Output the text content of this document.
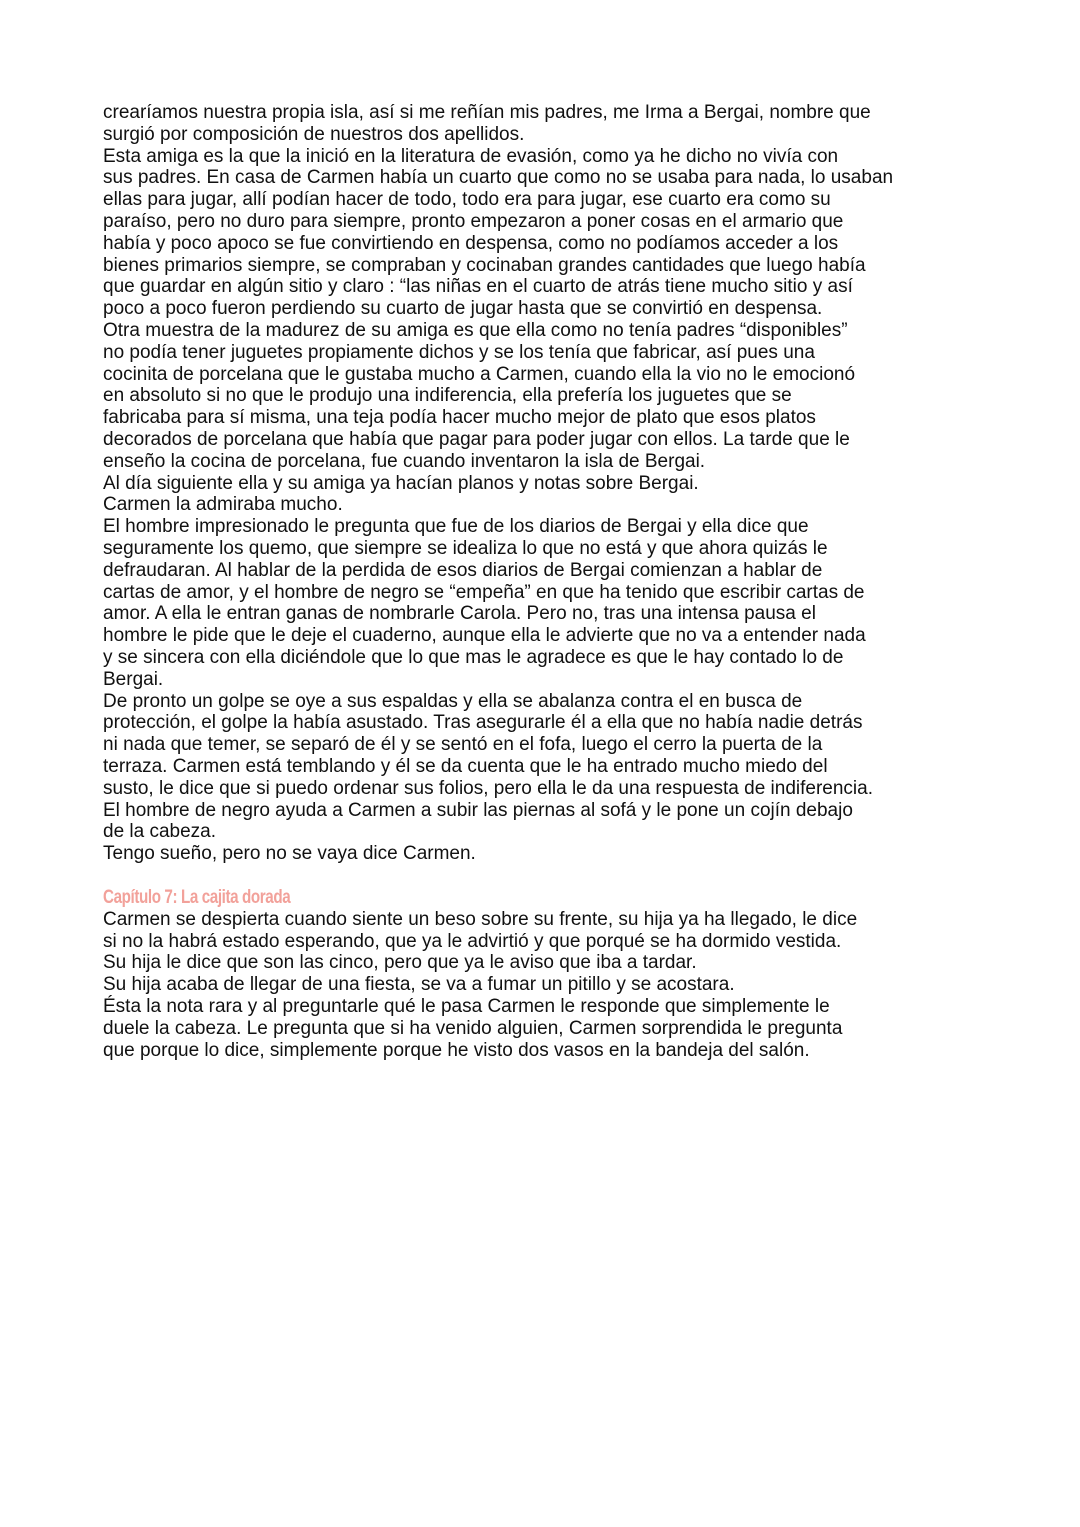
crearíamos nuestra propia isla, así si me reñían mis padres, me Irma a Bergai, nombre que
surgió por composición de nuestros dos apellidos.
Esta amiga es la que la inició en la literatura de evasión, como ya he dicho no vivía con
sus padres. En casa de Carmen había un cuarto que como no se usaba para nada, lo usaban
ellas para jugar, allí podían hacer de todo, todo era para jugar, ese cuarto era como su
paraíso, pero no duro para siempre, pronto empezaron a poner cosas en el armario que
había y poco apoco se fue convirtiendo en despensa, como no podíamos acceder a los
bienes primarios siempre, se compraban y cocinaban grandes cantidades que luego había
que guardar en algún sitio y claro : “las niñas en el cuarto de atrás tiene mucho sitio y así
poco a poco fueron perdiendo su cuarto de jugar hasta que se convirtió en despensa.
Otra muestra de la madurez de su amiga es que ella como no tenía padres “disponibles”
no podía tener juguetes propiamente dichos y se los tenía que fabricar, así pues una
cocinita de porcelana que le gustaba mucho a Carmen, cuando ella la vio no le emocionó
en absoluto si no que le produjo una indiferencia, ella prefería los juguetes que se
fabricaba para sí misma, una teja podía hacer mucho mejor de plato que esos platos
decorados de porcelana que había que pagar para poder jugar con ellos. La tarde que le
enseño la cocina de porcelana, fue cuando inventaron la isla de Bergai.
Al día siguiente ella y su amiga ya hacían planos y notas sobre Bergai.
Carmen la admiraba mucho.
El hombre impresionado le pregunta que fue de los diarios de Bergai y ella dice que
seguramente los quemo, que siempre se idealiza lo que no está y que ahora quizás le
defraudaran. Al hablar de la perdida de esos diarios de Bergai comienzan a hablar de
cartas de amor, y el hombre de negro se “empeña” en que ha tenido que escribir cartas de
amor. A ella le entran ganas de nombrarle Carola. Pero no, tras una intensa pausa el
hombre le pide que le deje el cuaderno, aunque ella le advierte que no va a entender nada
y se sincera con ella diciéndole que lo que mas le agradece es que le hay contado lo de
Bergai.
De pronto un golpe se oye a sus espaldas y ella se abalanza contra el en busca de
protección, el golpe la había asustado. Tras asegurarle él a ella que no había nadie detrás
ni nada que temer, se separó de él y se sentó en el fofa, luego el cerro la puerta de la
terraza. Carmen está temblando y él se da cuenta que le ha entrado mucho miedo del
susto, le dice que si puedo ordenar sus folios, pero ella le da una respuesta de indiferencia.
El hombre de negro ayuda a Carmen a subir las piernas al sofá y le pone un cojín debajo
de la cabeza.
Tengo sueño, pero no se vaya dice Carmen.
Capítulo 7: La cajita dorada
Carmen se despierta cuando siente un beso sobre su frente, su hija ya ha llegado, le dice
si no la habrá estado esperando, que ya le advirtió y que porqué se ha dormido vestida.
Su hija le dice que son las cinco, pero que ya le aviso que iba a tardar.
Su hija acaba de llegar de una fiesta, se va a fumar un pitillo y se acostara.
Ésta la nota rara y al preguntarle qué le pasa Carmen le responde que simplemente le
duele la cabeza. Le pregunta que si ha venido alguien, Carmen sorprendida le pregunta
que porque lo dice, simplemente porque he visto dos vasos en la bandeja del salón.
